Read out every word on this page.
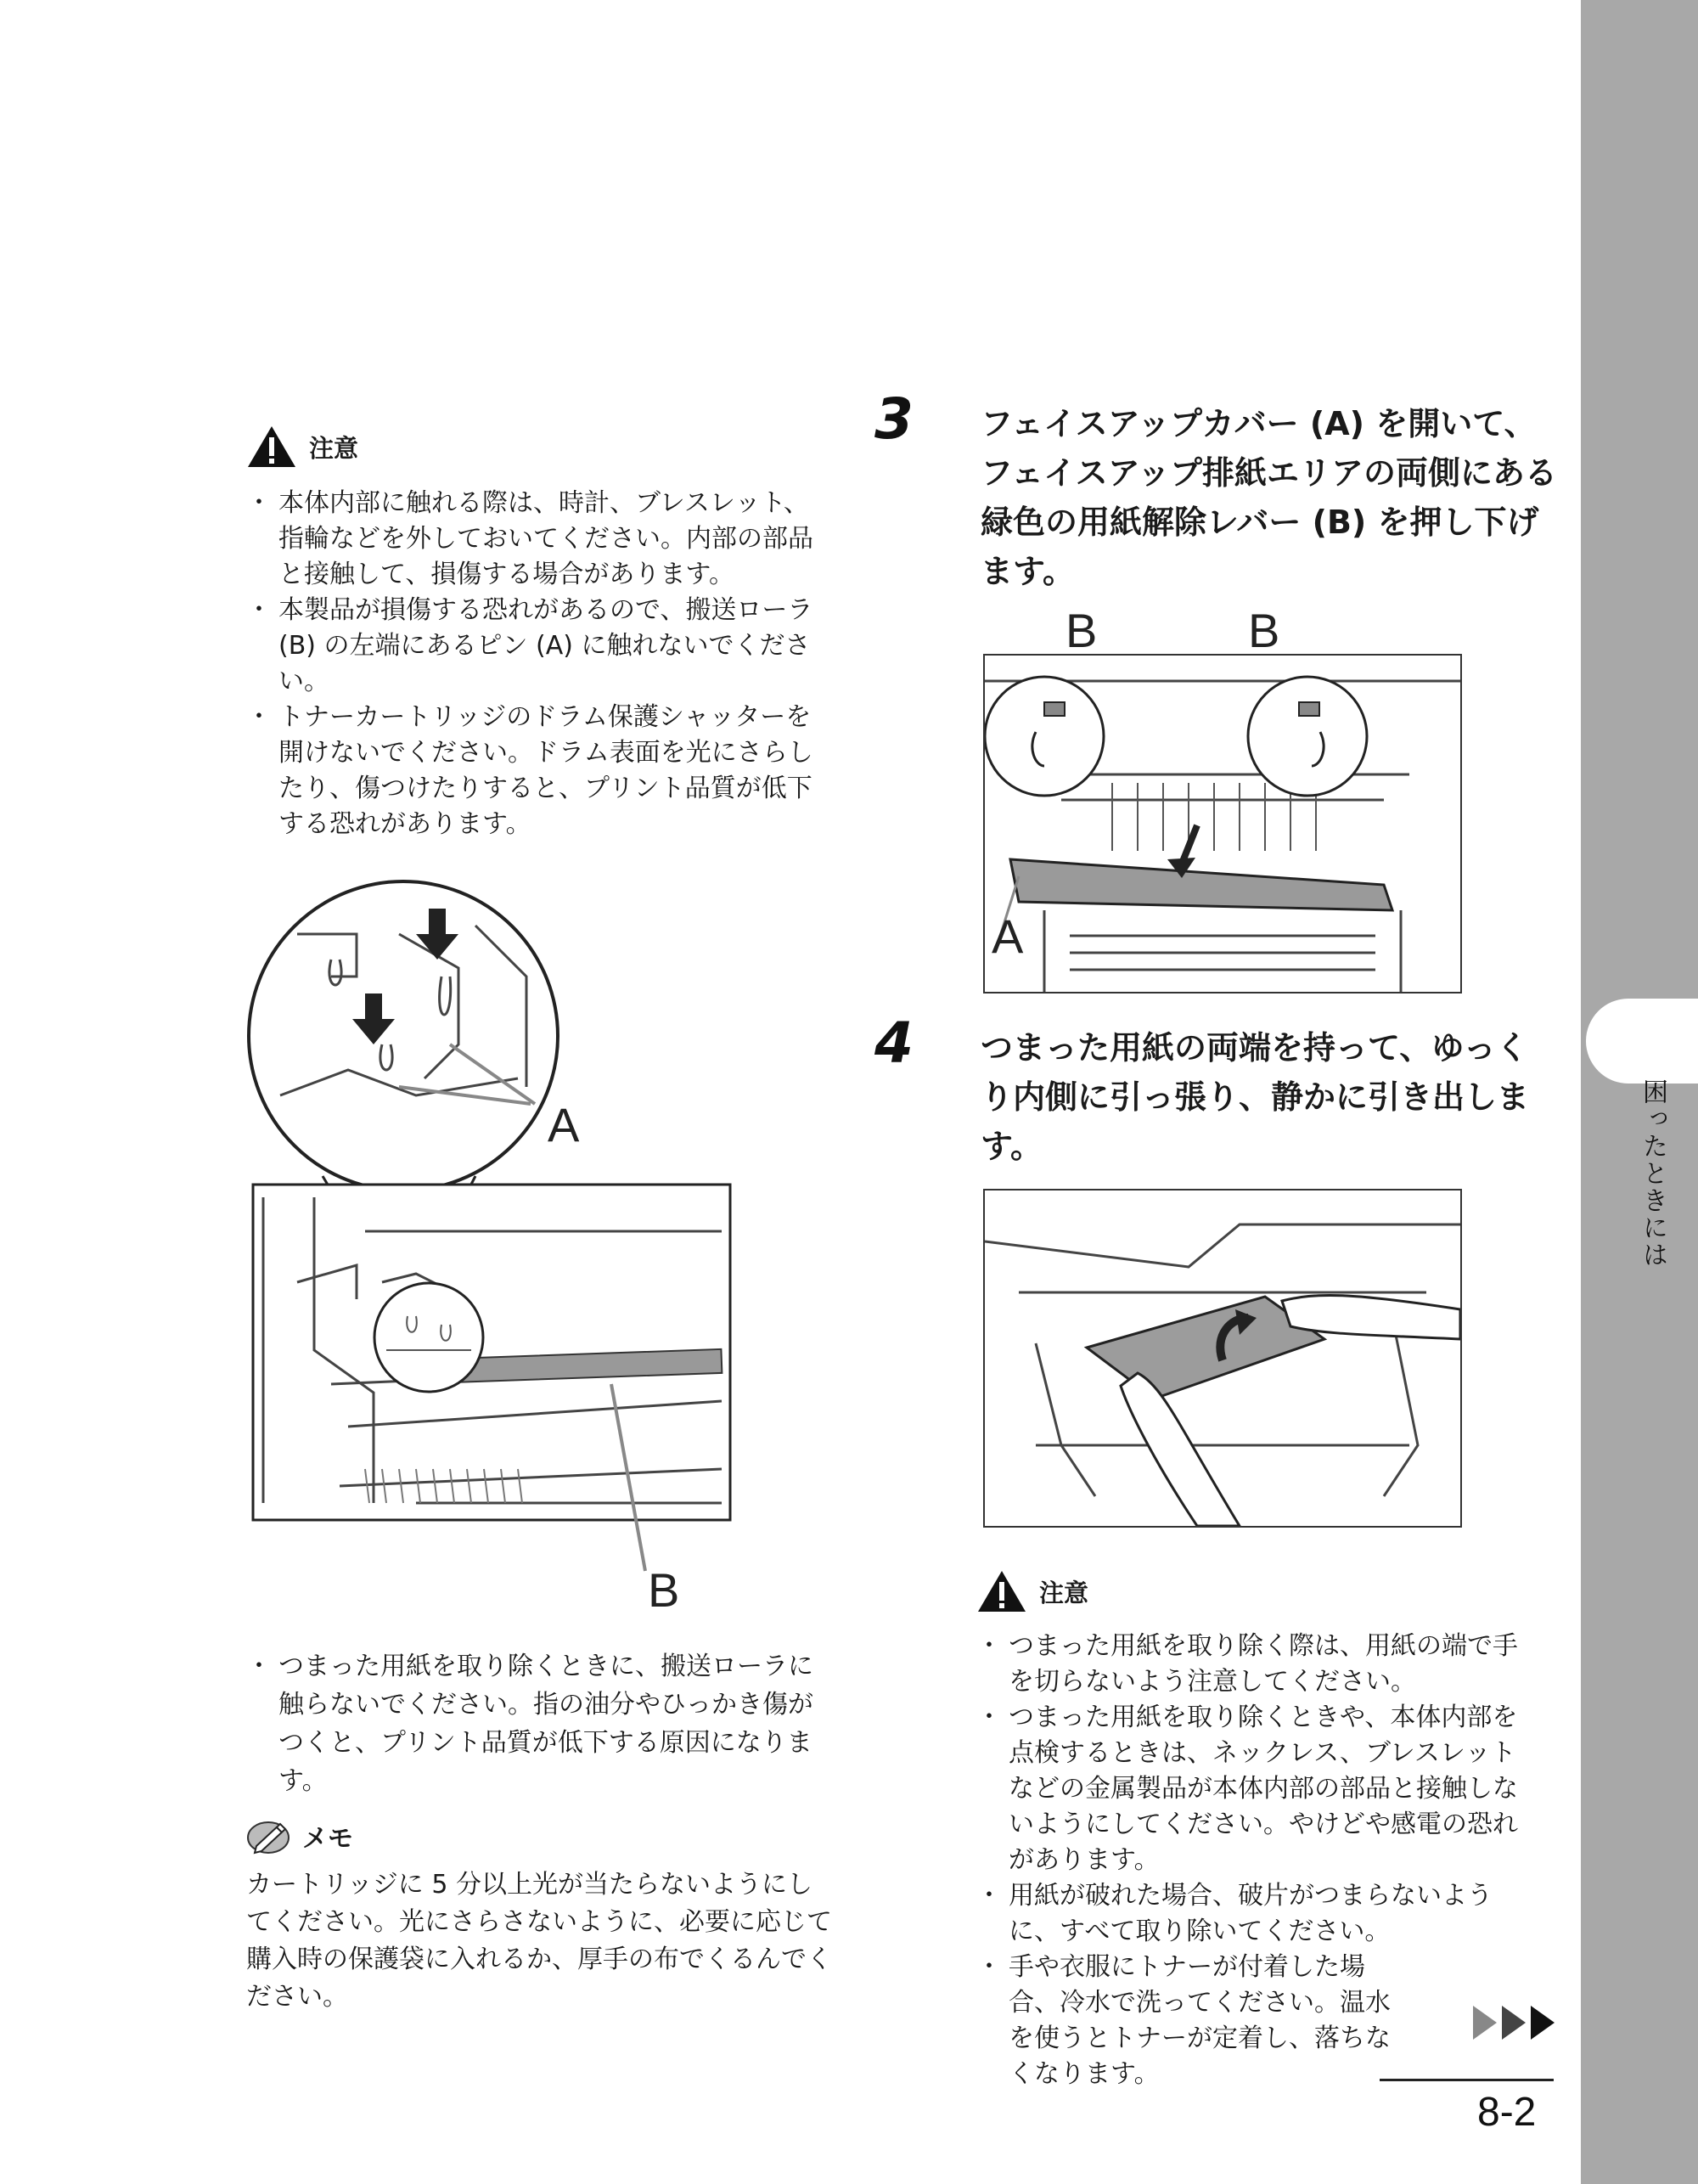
困ったときには
注意
・ 本体内部に触れる際は、時計、ブレスレット、指輪などを外しておいてください。内部の部品と接触して、損傷する場合があります。
・ 本製品が損傷する恐れがあるので、搬送ローラ (B) の左端にあるピン (A) に触れないでください。
・ トナーカートリッジのドラム保護シャッターを開けないでください。ドラム表面を光にさらしたり、傷つけたりすると、プリント品質が低下する恐れがあります。
A
B
・ つまった用紙を取り除くときに、搬送ローラに触らないでください。指の油分やひっかき傷がつくと、プリント品質が低下する原因になります。
メモ
カートリッジに 5 分以上光が当たらないようにしてください。光にさらさないように、必要に応じて購入時の保護袋に入れるか、厚手の布でくるんでください。
3 フェイスアップカバー (A) を開いて、フェイスアップ排紙エリアの両側にある緑色の用紙解除レバー (B) を押し下げます。
B	B
A
4 つまった用紙の両端を持って、ゆっくり内側に引っ張り、静かに引き出します。
注意
・ つまった用紙を取り除く際は、用紙の端で手を切らないよう注意してください。
・ つまった用紙を取り除くときや、本体内部を点検するときは、ネックレス、ブレスレットなどの金属製品が本体内部の部品と接触しないようにしてください。やけどや感電の恐れがあります。
・ 用紙が破れた場合、破片がつまらないように、すべて取り除いてください。
・ 手や衣服にトナーが付着した場合、冷水で洗ってください。温水を使うとトナーが定着し、落ちなくなります。
8-2
